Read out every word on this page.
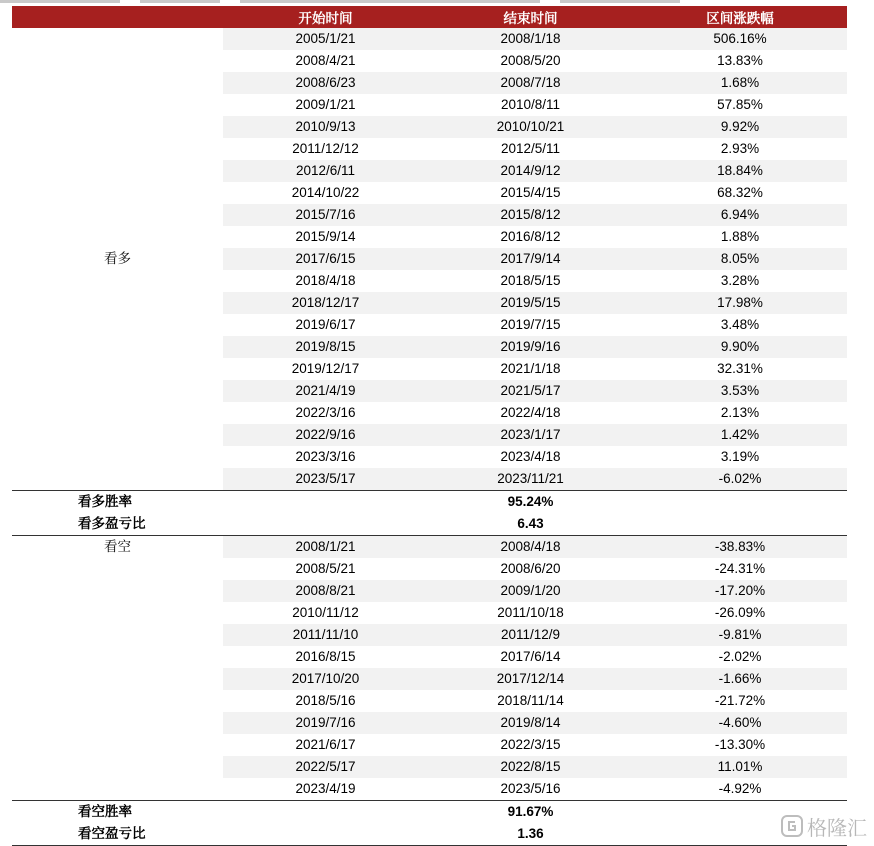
	开始时间	结束时间	区间涨跌幅
看多	2005/1/21	2008/1/18	506.16%
	2008/4/21	2008/5/20	13.83%
	2008/6/23	2008/7/18	1.68%
	2009/1/21	2010/8/11	57.85%
	2010/9/13	2010/10/21	9.92%
	2011/12/12	2012/5/11	2.93%
	2012/6/11	2014/9/12	18.84%
	2014/10/22	2015/4/15	68.32%
	2015/7/16	2015/8/12	6.94%
	2015/9/14	2016/8/12	1.88%
	2017/6/15	2017/9/14	8.05%
	2018/4/18	2018/5/15	3.28%
	2018/12/17	2019/5/15	17.98%
	2019/6/17	2019/7/15	3.48%
	2019/8/15	2019/9/16	9.90%
	2019/12/17	2021/1/18	32.31%
	2021/4/19	2021/5/17	3.53%
	2022/3/16	2022/4/18	2.13%
	2022/9/16	2023/1/17	1.42%
	2023/3/16	2023/4/18	3.19%
	2023/5/17	2023/11/21	-6.02%
看多胜率		95.24%	
看多盈亏比		6.43	

看空	2008/1/21	2008/4/18	-38.83%
	2008/5/21	2008/6/20	-24.31%
	2008/8/21	2009/1/20	-17.20%
	2010/11/12	2011/10/18	-26.09%
	2011/11/10	2011/12/9	-9.81%
	2016/8/15	2017/6/14	-2.02%
	2017/10/20	2017/12/14	-1.66%
	2018/5/16	2018/11/14	-21.72%
	2019/7/16	2019/8/14	-4.60%
	2021/6/17	2022/3/15	-13.30%
	2022/5/17	2022/8/15	11.01%
	2023/4/19	2023/5/16	-4.92%
看空胜率		91.67%	
看空盈亏比		1.36		格隆汇
